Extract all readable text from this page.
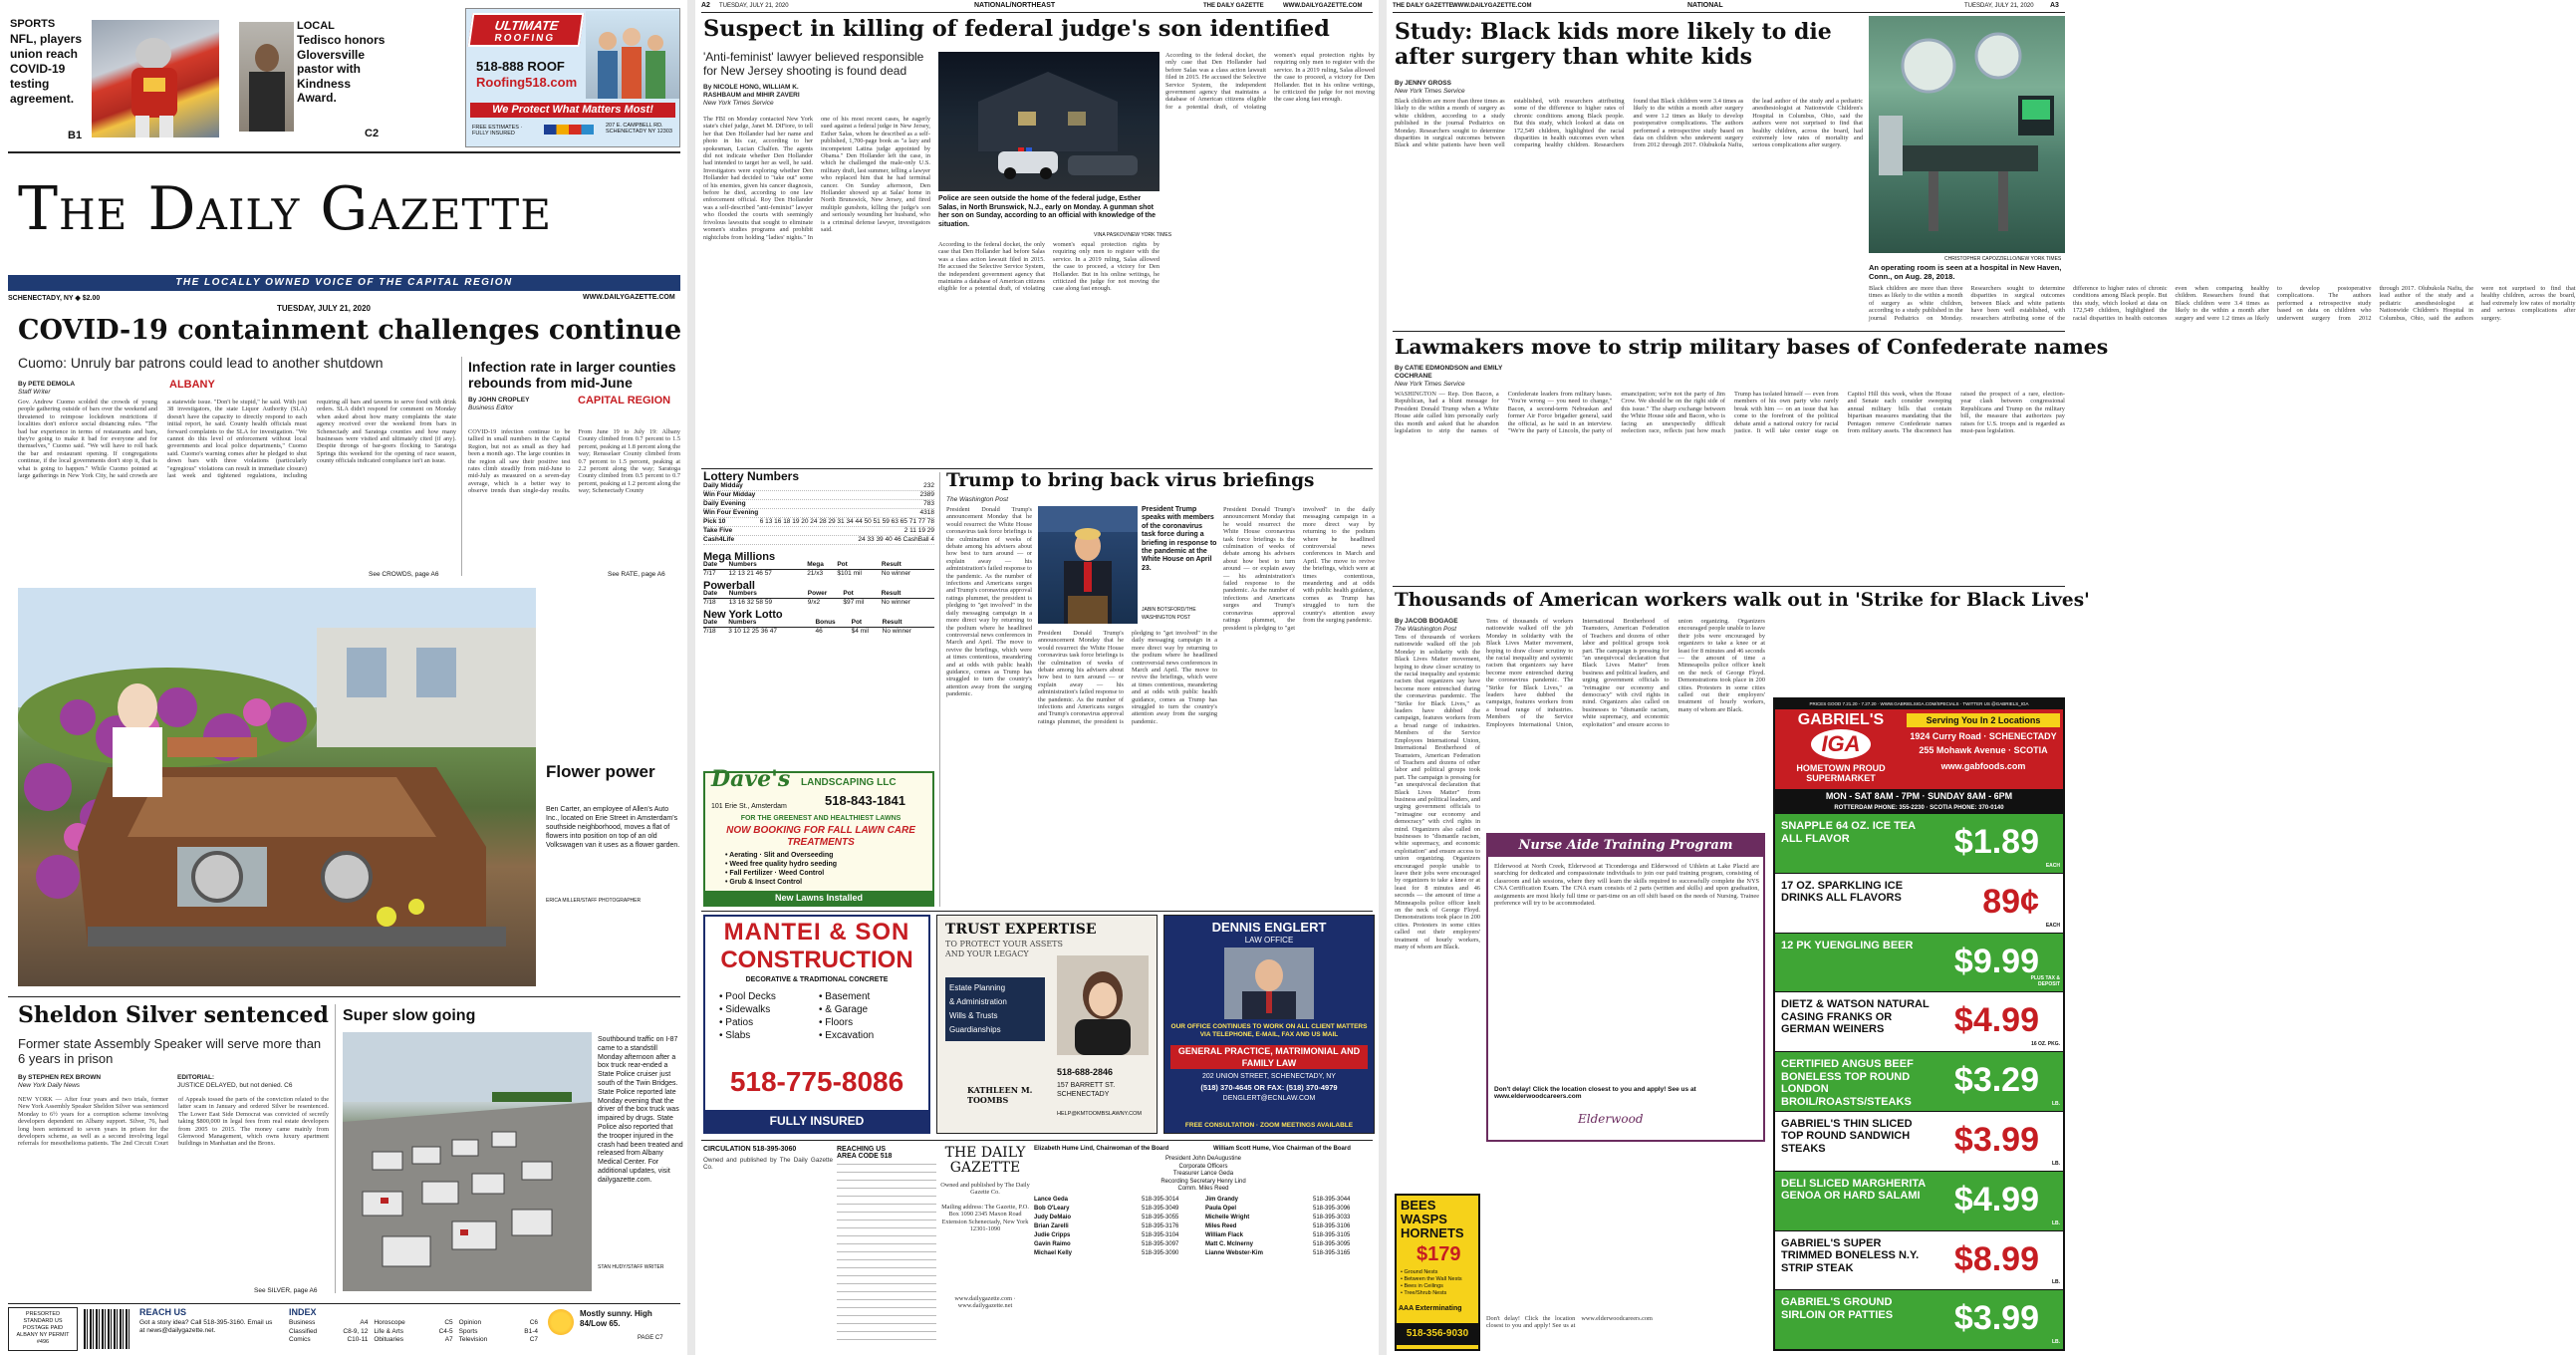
SPORTS
NFL, players union reach COVID-19 testing agreement.
B1
LOCAL
Tedisco honors Gloversville pastor with Kindness Award.
C2
ULTIMATE
ROOFING
518-888 ROOF
Roofing518.com
We Protect What Matters Most!
FREE ESTIMATES · FULLY INSURED
207 E. CAMPBELL RD. SCHENECTADY NY 12303
The Daily Gazette
THE LOCALLY OWNED VOICE OF THE CAPITAL REGION
SCHENECTADY, NY ◆ $2.00	WWW.DAILYGAZETTE.COM
TUESDAY, JULY 21, 2020
COVID-19 containment challenges continue
Cuomo: Unruly bar patrons could lead to another shutdown
By PETE DEMOLA
Staff Writer
ALBANY
Gov. Andrew Cuomo scolded the crowds of young people gathering outside of bars over the weekend and threatened to reimpose lockdown restrictions if localities don't enforce social distancing rules. "The bad bar experience in terms of restaurants and bars, they're going to make it bad for everyone and for themselves," Cuomo said. "We will have to roll back the bar and restaurant opening. If congregations continue, if the local governments don't stop it, that is what is going to happen." While Cuomo pointed at large gatherings in New York City, he said crowds are a statewide issue. "Don't be stupid," he said. With just 38 investigators, the state Liquor Authority (SLA) doesn't have the capacity to directly respond to each initial report, he said. County health officials must forward complaints to the SLA for investigation. "We cannot do this level of enforcement without local governments and local police departments," Cuomo said. Cuomo's warning comes after he pledged to shut down bars with three violations (particularly "egregious" violations can result in immediate closure) last week and tightened regulations, including requiring all bars and taverns to serve food with drink orders. SLA didn't respond for comment on Monday when asked about how many complaints the state agency received over the weekend from bars in Schenectady and Saratoga counties and how many businesses were visited and ultimately cited (if any). Despite throngs of bar-goers flocking to Saratoga Springs this weekend for the opening of race season, county officials indicated compliance isn't an issue.
See CROWDS, page A6
Infection rate in larger counties rebounds from mid-June
By JOHN CROPLEY
Business Editor
CAPITAL REGION
COVID-19 infection continue to be tallied in small numbers in the Capital Region, but not as small as they had been a month ago. The large counties in the region all saw their positive test rates climb steadily from mid-June to mid-July as measured on a seven-day average, which is a better way to observe trends than single-day results. From June 19 to July 19: Albany County climbed from 0.7 percent to 1.5 percent, peaking at 1.8 percent along the way; Rensselaer County climbed from 0.7 percent to 1.5 percent, peaking at 2.2 percent along the way; Saratoga County climbed from 0.5 percent to 0.7 percent, peaking at 1.2 percent along the way; Schenectady County
See RATE, page A6
Flower power
Ben Carter, an employee of Allen's Auto Inc., located on Erie Street in Amsterdam's southside neighborhood, moves a flat of flowers into position on top of an old Volkswagen van it uses as a flower garden.
ERICA MILLER/STAFF PHOTOGRAPHER
Sheldon Silver sentenced
Former state Assembly Speaker will serve more than 6 years in prison
By STEPHEN REX BROWN
New York Daily News
EDITORIAL:
JUSTICE DELAYED, but not denied. C6
NEW YORK — After four years and two trials, former New York Assembly Speaker Sheldon Silver was sentenced Monday to 6½ years for a corruption scheme involving developers dependent on Albany support. Silver, 76, had long been sentenced to seven years in prison for the developers scheme, as well as a second involving legal referrals for mesothelioma patients. The 2nd Circuit Court of Appeals tossed the parts of the conviction related to the latter scam in January and ordered Silver be resentenced. The Lower East Side Democrat was convicted of secretly taking $800,000 in legal fees from real estate developers from 2005 to 2015. The money came mainly from Glenwood Management, which owns luxury apartment buildings in Manhattan and the Bronx.
See SILVER, page A6
Super slow going
Southbound traffic on I-87 came to a standstill Monday afternoon after a box truck rear-ended a State Police cruiser just south of the Twin Bridges. State Police reported late Monday evening that the driver of the box truck was impaired by drugs. State Police also reported that the trooper injured in the crash had been treated and released from Albany Medical Center. For additional updates, visit dailygazette.com.
STAN HUDY/STAFF WRITER
PRESORTED STANDARD US POSTAGE PAID ALBANY NY PERMIT #496
REACH US
Got a story idea? Call 518-395-3160. Email us at news@dailygazette.net.
INDEX
Business	A4 Horoscope	C5 Opinion	C6
Classified	C8-9, 12 Life & Arts	C4-5 Sports	B1-4
Comics	C10-11 Obituaries	A7 Television	C7
Mostly sunny. High 84/Low 65.
PAGE C7
A2 TUESDAY, JULY 21, 2020	NATIONAL/NORTHEAST	THE DAILY GAZETTE	WWW.DAILYGAZETTE.COM
Suspect in killing of federal judge's son identified
'Anti-feminist' lawyer believed responsible for New Jersey shooting is found dead
By NICOLE HONG, WILLIAM K. RASHBAUM and MIHIR ZAVERI
New York Times Service
The FBI on Monday contacted New York state's chief judge, Janet M. DiFiore, to tell her that Den Hollander had her name and photo in his car, according to her spokesman, Lucian Chalfen. The agents did not indicate whether Den Hollander had intended to target her as well, he said. Investigators were exploring whether Den Hollander had decided to "take out" some of his enemies, given his cancer diagnosis, before he died, according to one law enforcement official. Roy Den Hollander was a self-described "anti-feminist" lawyer who flooded the courts with seemingly frivolous lawsuits that sought to eliminate women's studies programs and prohibit nightclubs from holding "ladies' nights." In one of his most recent cases, he eagerly sued against a federal judge in New Jersey, Esther Salas, whom he described as a self-published, 1,700-page book as "a lazy and incompetent Latina judge appointed by Obama." Den Hollander left the case, in which he challenged the male-only U.S. military draft, last summer, telling a lawyer who replaced him that he had terminal cancer. On Sunday afternoon, Den Hollander showed up at Salas' home in North Brunswick, New Jersey, and fired multiple gunshots, killing the judge's son and seriously wounding her husband, who is a criminal defense lawyer, investigators said.
Police are seen outside the home of the federal judge, Esther Salas, in North Brunswick, N.J., early on Monday. A gunman shot her son on Sunday, according to an official with knowledge of the situation.
VINA PASKOV/NEW YORK TIMES
According to the federal docket, the only case that Den Hollander had before Salas was a class action lawsuit filed in 2015. He accused the Selective Service System, the independent government agency that maintains a database of American citizens eligible for a potential draft, of violating women's equal protection rights by requiring only men to register with the service. In a 2019 ruling, Salas allowed the case to proceed, a victory for Den Hollander. But in his online writings, he criticized the judge for not moving the case along fast enough.
According to the federal docket, the only case that Den Hollander had before Salas was a class action lawsuit filed in 2015. He accused the Selective Service System, the independent government agency that maintains a database of American citizens eligible for a potential draft, of violating women's equal protection rights by requiring only men to register with the service. In a 2019 ruling, Salas allowed the case to proceed, a victory for Den Hollander. But in his online writings, he criticized the judge for not moving the case along fast enough.
Lottery Numbers
Daily Midday	232
Win Four Midday	2389
Daily Evening	783
Win Four Evening	4318
Pick 10	6 13 16 18 19 20 24 28 29 31 34 44 50 51 59 63 65 71 77 78
Take Five	2 11 19 29
Cash4Life	24 33 39 40 46 CashBall 4
Mega Millions
Date	Numbers	Mega	Pot	Result
7/17	12 13 21 46 57	21/x3	$101 mil	No winner
Powerball
Date	Numbers	Power	Pot	Result
7/18	13 16 32 58 59	9/x2	$97 mil	No winner
New York Lotto
Date	Numbers	Bonus	Pot	Result
7/18	3 10 12 25 36 47	46	$4 mil	No winner
Dave's LANDSCAPING LLC
101 Erie St., Amsterdam	518-843-1841
FOR THE GREENEST AND HEALTHIEST LAWNS
NOW BOOKING FOR FALL LAWN CARE TREATMENTS
• Aerating · Slit and Overseeding
• Weed free quality hydro seeding
• Fall Fertilizer · Weed Control
• Grub & Insect Control
New Lawns Installed
Trump to bring back virus briefings
The Washington Post
President Donald Trump's announcement Monday that he would resurrect the White House coronavirus task force briefings is the culmination of weeks of debate among his advisers about how best to turn around — or explain away — his administration's failed response to the pandemic. As the number of infections and Americans surges and Trump's coronavirus approval ratings plummet, the president is pledging to "get involved" in the daily messaging campaign in a more direct way by returning to the podium where he headlined controversial news conferences in March and April. The move to revive the briefings, which were at times contentious, meandering and at odds with public health guidance, comes as Trump has struggled to turn the country's attention away from the surging pandemic.
President Trump speaks with members of the coronavirus task force during a briefing in response to the pandemic at the White House on April 23.
JABIN BOTSFORD/THE WASHINGTON POST
President Donald Trump's announcement Monday that he would resurrect the White House coronavirus task force briefings is the culmination of weeks of debate among his advisers about how best to turn around — or explain away — his administration's failed response to the pandemic. As the number of infections and Americans surges and Trump's coronavirus approval ratings plummet, the president is pledging to "get involved" in the daily messaging campaign in a more direct way by returning to the podium where he headlined controversial news conferences in March and April. The move to revive the briefings, which were at times contentious, meandering and at odds with public health guidance, comes as Trump has struggled to turn the country's attention away from the surging pandemic.
President Donald Trump's announcement Monday that he would resurrect the White House coronavirus task force briefings is the culmination of weeks of debate among his advisers about how best to turn around — or explain away — his administration's failed response to the pandemic. As the number of infections and Americans surges and Trump's coronavirus approval ratings plummet, the president is pledging to "get involved" in the daily messaging campaign in a more direct way by returning to the podium where he headlined controversial news conferences in March and April. The move to revive the briefings, which were at times contentious, meandering and at odds with public health guidance, comes as Trump has struggled to turn the country's attention away from the surging pandemic.
MANTEI & SON
CONSTRUCTION
DECORATIVE & TRADITIONAL CONCRETE
• Pool Decks	• Basement
• Sidewalks	• & Garage
• Patios	• Floors
• Slabs	• Excavation
518-775-8086
FULLY INSURED
TRUST EXPERTISE
TO PROTECT YOUR ASSETS AND YOUR LEGACY
Estate Planning
& Administration
Wills & Trusts
Guardianships
KATHLEEN M. TOOMBS
518-688-2846
157 BARRETT ST. SCHENECTADY
HELP@KMTOOMBSLAWNY.COM
DENNIS ENGLERT
LAW OFFICE
OUR OFFICE CONTINUES TO WORK ON ALL CLIENT MATTERS VIA TELEPHONE, E-MAIL, FAX AND US MAIL
GENERAL PRACTICE, MATRIMONIAL AND FAMILY LAW
202 UNION STREET, SCHENECTADY, NY
(518) 370-4645 OR FAX: (518) 370-4979
DENGLERT@ECNLAW.COM
FREE CONSULTATION · ZOOM MEETINGS AVAILABLE
CIRCULATION 518-395-3060
Owned and published by The Daily Gazette Co.
REACHING US
AREA CODE 518	THE DAILY GAZETTE
Owned and published by The Daily Gazette Co.
Mailing address: The Gazette, P.O. Box 1090 2345 Maxon Road Extension Schenectady, New York 12301-1090
www.dailygazette.com · www.dailygazette.net
Elizabeth Hume Lind, Chairwoman of the Board	William Scott Hume, Vice Chairman of the Board
President John DeAugustine
Corporate Officers
Treasurer Lance Geda
Recording Secretary Henry Lind
Comm. Miles Reed
Lance Geda	518-395-3014	Jim Grandy	518-395-3044
Bob O'Leary	518-395-3049	Paula Opel	518-395-3096
Judy DeMaio	518-395-3055	Michelle Wright	518-395-3033
Brian Zarelli	518-395-3176	Miles Reed	518-395-3106
Judie Cripps	518-395-3104	William Flack	518-395-3105
Gavin Raimo	518-395-3097	Matt C. McInerny	518-395-3095
Michael Kelly	518-395-3090	Lianne Webster-Kim	518-395-3165
THE DAILY GAZETTE WWW.DAILYGAZETTE.COM	NATIONAL	TUESDAY, JULY 21, 2020 A3
Study: Black kids more likely to die after surgery than white kids
By JENNY GROSS
New York Times Service
Black children are more than three times as likely to die within a month of surgery as white children, according to a study published in the journal Pediatrics on Monday. Researchers sought to determine disparities in surgical outcomes between Black and white patients have been well established, with researchers attributing some of the difference to higher rates of chronic conditions among Black people. But this study, which looked at data on 172,549 children, highlighted the racial disparities in health outcomes even when comparing healthy children. Researchers found that Black children were 3.4 times as likely to die within a month after surgery and were 1.2 times as likely to develop postoperative complications. The authors performed a retrospective study based on data on children who underwent surgery from 2012 through 2017. Olubukola Nafiu, the lead author of the study and a pediatric anesthesiologist at Nationwide Children's Hospital in Columbus, Ohio, said the authors were not surprised to find that healthy children, across the board, had extremely low rates of mortality and serious complications after surgery.
CHRISTOPHER CAPOZZIELLO/NEW YORK TIMES
An operating room is seen at a hospital in New Haven, Conn., on Aug. 28, 2018.
Black children are more than three times as likely to die within a month of surgery as white children, according to a study published in the journal Pediatrics on Monday. Researchers sought to determine disparities in surgical outcomes between Black and white patients have been well established, with researchers attributing some of the difference to higher rates of chronic conditions among Black people. But this study, which looked at data on 172,549 children, highlighted the racial disparities in health outcomes even when comparing healthy children. Researchers found that Black children were 3.4 times as likely to die within a month after surgery and were 1.2 times as likely to develop postoperative complications. The authors performed a retrospective study based on data on children who underwent surgery from 2012 through 2017. Olubukola Nafiu, the lead author of the study and a pediatric anesthesiologist at Nationwide Children's Hospital in Columbus, Ohio, said the authors were not surprised to find that healthy children, across the board, had extremely low rates of mortality and serious complications after surgery.
Lawmakers move to strip military bases of Confederate names
By CATIE EDMONDSON and EMILY COCHRANE
New York Times Service
WASHINGTON — Rep. Don Bacon, a Republican, had a blunt message for President Donald Trump when a White House aide called him personally early this month and asked that he abandon legislation to strip the names of Confederate leaders from military bases. "You're wrong — you need to change," Bacon, a second-term Nebraskan and former Air Force brigadier general, said the official, as he said in an interview. "We're the party of Lincoln, the party of emancipation; we're not the party of Jim Crow. We should be on the right side of this issue." The sharp exchange between the White House side and Bacon, who is facing an unexpectedly difficult reelection race, reflects just how much Trump has isolated himself — even from members of his own party who rarely break with him — on an issue that has come to the forefront of the political debate amid a national outcry for racial justice. It will take center stage on Capitol Hill this week, when the House and Senate each consider sweeping annual military bills that contain bipartisan measures mandating that the Pentagon remove Confederate names from military assets. The disconnect has raised the prospect of a rare, election-year clash between congressional Republicans and Trump on the military bill, the measure that authorizes pay raises for U.S. troops and is regarded as must-pass legislation.
Thousands of American workers walk out in 'Strike for Black Lives'
By JACOB BOGAGE
The Washington Post
Tens of thousands of workers nationwide walked off the job Monday in solidarity with the Black Lives Matter movement, hoping to draw closer scrutiny to the racial inequality and systemic racism that organizers say have become more entrenched during the coronavirus pandemic. The "Strike for Black Lives," as leaders have dubbed the campaign, features workers from a broad range of industries. Members of the Service Employees International Union, International Brotherhood of Teamsters, American Federation of Teachers and dozens of other labor and political groups took part. The campaign is pressing for "an unequivocal declaration that Black Lives Matter" from business and political leaders, and urging government officials to "reimagine our economy and democracy" with civil rights in mind. Organizers also called on businesses to "dismantle racism, white supremacy, and economic exploitation" and ensure access to union organizing. Organizers encouraged people unable to leave their jobs were encouraged by organizers to take a knee or at least for 8 minutes and 46 seconds — the amount of time a Minneapolis police officer knelt on the neck of George Floyd. Demonstrations took place in 200 cities. Protesters in some cities called out their employers' treatment of hourly workers, many of whom are Black.
Tens of thousands of workers nationwide walked off the job Monday in solidarity with the Black Lives Matter movement, hoping to draw closer scrutiny to the racial inequality and systemic racism that organizers say have become more entrenched during the coronavirus pandemic. The "Strike for Black Lives," as leaders have dubbed the campaign, features workers from a broad range of industries. Members of the Service Employees International Union, International Brotherhood of Teamsters, American Federation of Teachers and dozens of other labor and political groups took part. The campaign is pressing for "an unequivocal declaration that Black Lives Matter" from business and political leaders, and urging government officials to "reimagine our economy and democracy" with civil rights in mind. Organizers also called on businesses to "dismantle racism, white supremacy, and economic exploitation" and ensure access to union organizing. Organizers encouraged people unable to leave their jobs were encouraged by organizers to take a knee or at least for 8 minutes and 46 seconds — the amount of time a Minneapolis police officer knelt on the neck of George Floyd. Demonstrations took place in 200 cities. Protesters in some cities called out their employers' treatment of hourly workers, many of whom are Black.
Nurse Aide Training Program
Elderwood at North Creek, Elderwood at Ticonderoga and Elderwood of Uihlein at Lake Placid are searching for dedicated and compassionate individuals to join our paid training program, consisting of classroom and lab sessions, where they will learn the skills required to successfully complete the NYS CNA Certification Exam. The CNA exam consists of 2 parts (written and skills) and upon graduation, assignments are most likely full time or part-time on an off shift based on the needs of Nursing. Trainee preference will try to be accommodated.
Don't delay! Click the location closest to you and apply! See us at www.elderwoodcareers.com
Elderwood
BEES
WASPS
HORNETS
$179
• Ground Nests
• Between the Wall Nests
• Bees in Ceilings
• Tree/Shrub Nests
AAA Exterminating
518-356-9030
Don't delay! Click the location closest to you and apply! See us at www.elderwoodcareers.com
PRICES GOOD 7.21.20 - 7.27.20 · WWW.GABRIELSIGA.COM/SPECIALS · TWITTER US @GABRIELS_IGA
GABRIEL'S
IGA
HOMETOWN PROUD SUPERMARKET
Serving You In 2 Locations
1924 Curry Road · SCHENECTADY
255 Mohawk Avenue · SCOTIA
www.gabfoods.com
MON - SAT 8AM - 7PM · SUNDAY 8AM - 6PM
ROTTERDAM PHONE: 355-2230 · SCOTIA PHONE: 370-0140
SNAPPLE 64 OZ. ICE TEA ALL FLAVOR	$1.89
EACH
17 OZ. SPARKLING ICE DRINKS ALL FLAVORS	89¢
EACH
12 PK YUENGLING BEER	$9.99
PLUS TAX & DEPOSIT
DIETZ & WATSON NATURAL CASING FRANKS OR GERMAN WEINERS	$4.99
16 OZ. PKG.
CERTIFIED ANGUS BEEF BONELESS TOP ROUND LONDON BROIL/ROASTS/STEAKS
$3.29
LB.
GABRIEL'S THIN SLICED TOP ROUND SANDWICH STEAKS	$3.99
LB.
DELI SLICED MARGHERITA GENOA OR HARD SALAMI	$4.99
LB.
GABRIEL'S SUPER TRIMMED BONELESS N.Y. STRIP STEAK	$8.99
LB.
GABRIEL'S GROUND SIRLOIN OR PATTIES	$3.99
LB.
